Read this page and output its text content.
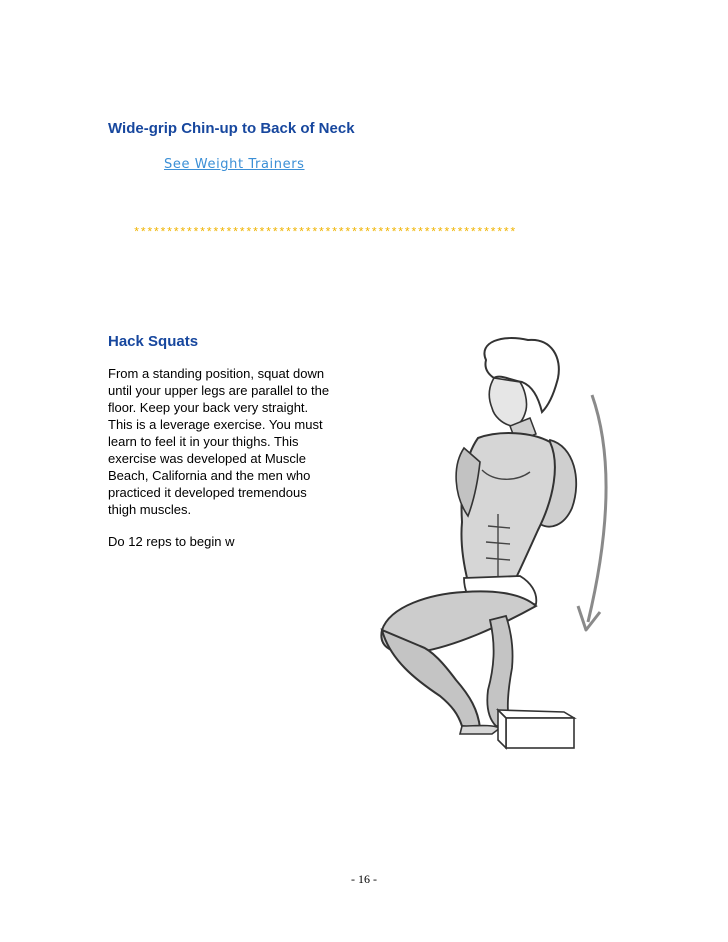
Wide-grip Chin-up to Back of Neck
See Weight Trainers
**********************************************************
Hack Squats

From a standing position, squat down

until your upper legs are parallel to the

floor. Keep your back very straight.

This is a leverage exercise. You must

learn to feel it in your thighs. This

exercise was developed at Muscle

Beach, California and the men who

practiced it developed tremendous

thigh muscles.

Do 12 reps to begin w
- 16 -
